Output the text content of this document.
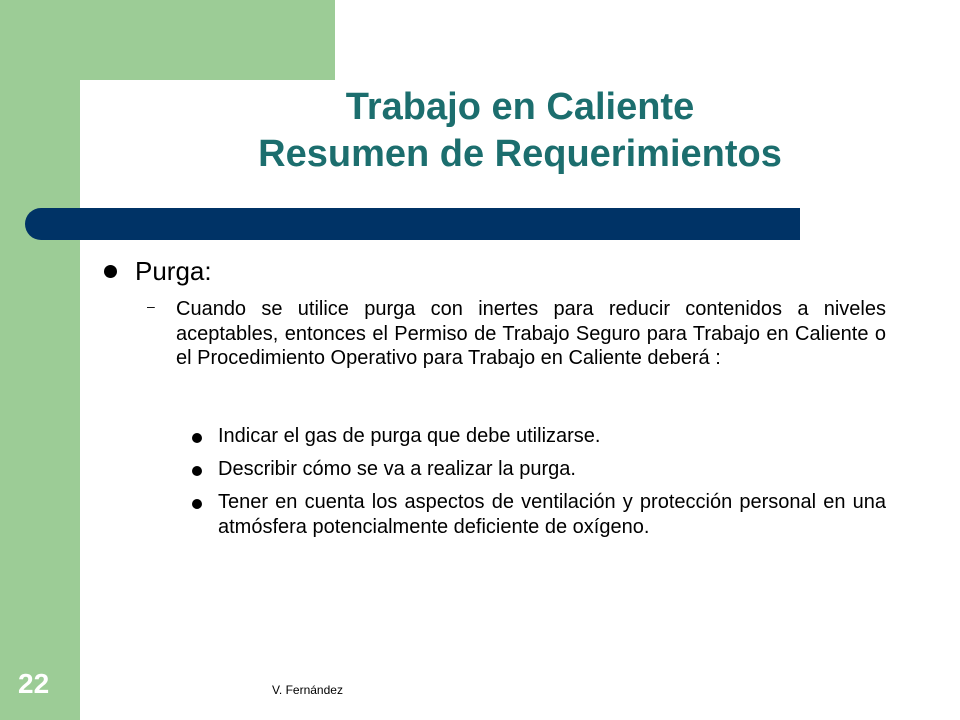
Trabajo en Caliente
Resumen de Requerimientos
Purga:
– Cuando se utilice purga con inertes para reducir contenidos a niveles aceptables, entonces el Permiso de Trabajo Seguro para Trabajo en Caliente o el Procedimiento Operativo para Trabajo en Caliente deberá :
Indicar el gas de purga que debe utilizarse.
Describir cómo se va a realizar la purga.
Tener en cuenta los aspectos de ventilación y protección personal en una atmósfera potencialmente deficiente de oxígeno.
22	V. Fernández
